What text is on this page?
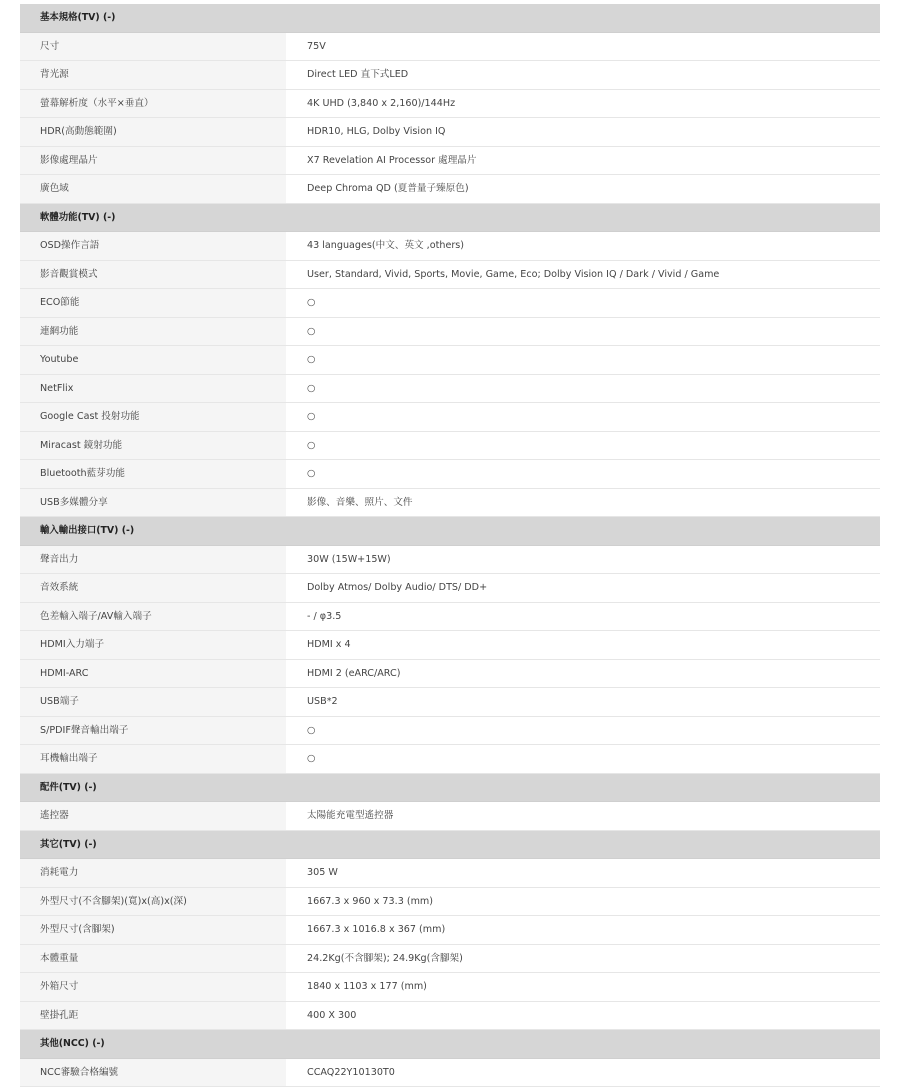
基本規格(TV) (-)
尺寸	75V
背光源	Direct LED 直下式LED
螢幕解析度（水平×垂直）	4K UHD (3,840 x 2,160)/144Hz
HDR(高動態範圍)	HDR10, HLG, Dolby Vision IQ
影像處理晶片	X7 Revelation AI Processor 處理晶片
廣色域	Deep Chroma QD (夏普量子臻原色)
軟體功能(TV) (-)
OSD操作言語	43 languages(中文、英文 ,others)
影音觀賞模式	User, Standard, Vivid, Sports, Movie, Game, Eco; Dolby Vision IQ / Dark / Vivid / Game
ECO節能	○
連網功能	○
Youtube	○
NetFlix	○
Google Cast 投射功能	○
Miracast 鏡射功能	○
Bluetooth藍芽功能	○
USB多媒體分享	影像、音樂、照片、文件
輸入輸出接口(TV) (-)
聲音出力	30W (15W+15W)
音效系統	Dolby Atmos/ Dolby Audio/ DTS/ DD+
色差輸入端子/AV輸入端子	- / φ3.5
HDMI入力端子	HDMI x 4
HDMI-ARC	HDMI 2 (eARC/ARC)
USB端子	USB*2
S/PDIF聲音輸出端子	○
耳機輸出端子	○
配件(TV) (-)
遙控器	太陽能充電型遙控器
其它(TV) (-)
消耗電力	305 W
外型尺寸(不含腳架)(寬)x(高)x(深)	1667.3 x 960 x 73.3 (mm)
外型尺寸(含腳架)	1667.3 x 1016.8 x 367 (mm)
本體重量	24.2Kg(不含腳架); 24.9Kg(含腳架)
外箱尺寸	1840 x 1103 x 177 (mm)
壁掛孔距	400 X 300
其他(NCC) (-)
NCC審驗合格編號	CCAQ22Y10130T0
